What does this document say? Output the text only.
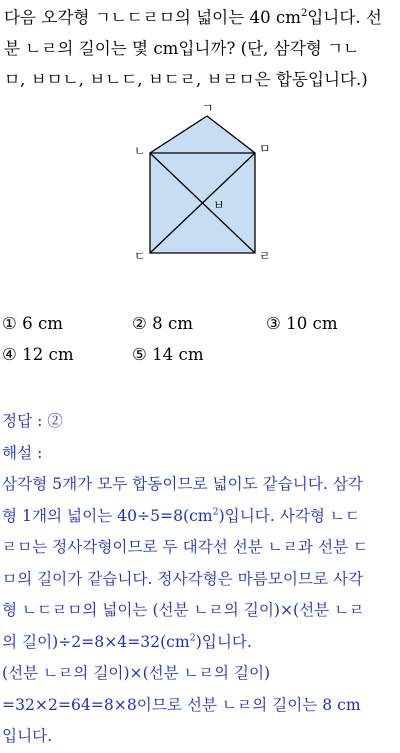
다음 오각형 ㄱㄴㄷㄹㅁ의 넓이는 40 $cm^2$입니다. 선
분 ㄴㄹ의 길이는 몇 cm입니까? (단, 삼각형 ㄱㄴ
ㅁ, ㅂㅁㄴ, ㅂㄴㄷ, ㅂㄷㄹ, ㅂㄹㅁ은 합동입니다.)
ㄱ
ㄴ	ㅁ
ㅂ
ㄷ	ㄹ
① 6 cm	② 8 cm	③ 10 cm
④ 12 cm	⑤ 14 cm

정답 : ②

해설 :

삼각형 5개가 모두 합동이므로 넓이도 같습니다. 삼각

형 1개의 넓이는 $40\div 5=8(cm^2)$입니다. 사각형 ㄴㄷ

ㄹㅁ는 정사각형이므로 두 대각선 선분 ㄴㄹ과 선분 ㄷ

ㅁ의 길이가 같습니다. 정사각형은 마름모이므로 사각

형 ㄴㄷㄹㅁ의 넓이는 (선분 ㄴㄹ의 길이)×(선분 ㄴㄹ

의 길이)$\div 2=8\times 4=32(cm^2)$입니다.

(선분 ㄴㄹ의 길이)×(선분 ㄴㄹ의 길이)

=32×2=64=8×8이므로 선분 ㄴㄹ의 길이는 8 cm

입니다.
